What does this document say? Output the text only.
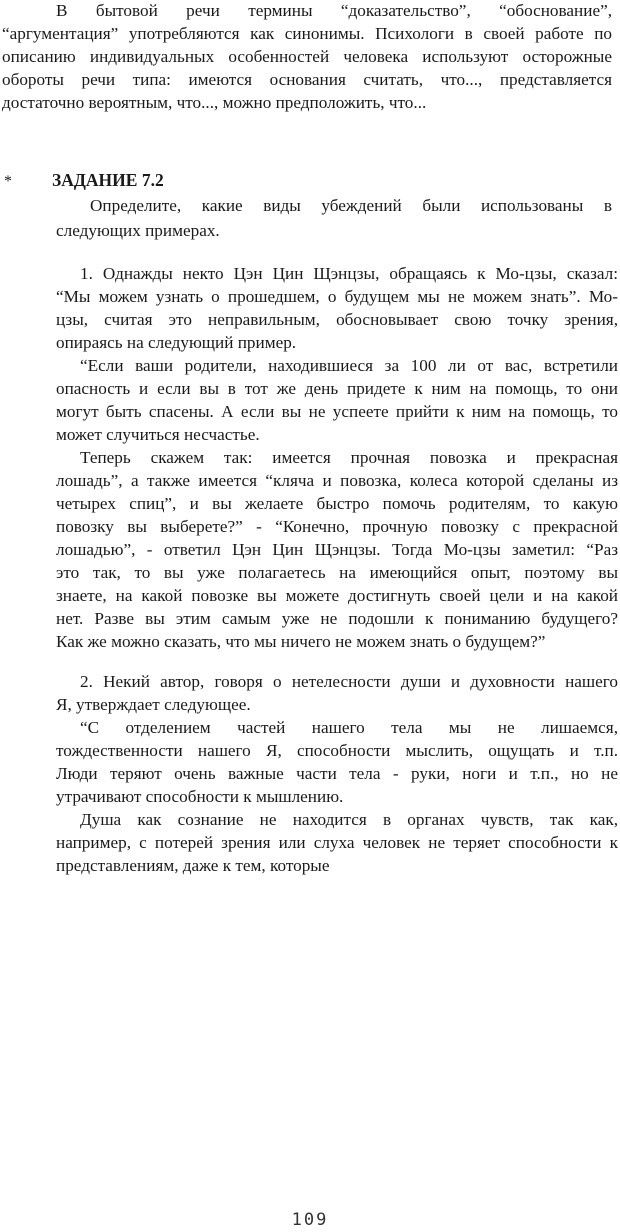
В бытовой речи термины “доказательство”, “обоснование”,
“аргументация” употребляются как синонимы. Психологи в своей работе по
описанию индивидуальных особенностей человека используют осторожные
обороты речи типа: имеются основания считать, что..., представляется
достаточно вероятным, что..., можно предположить, что...
* ЗАДАНИЕ 7.2
Определите, какие виды убеждений были использованы в
следующих примерах.
1. Однажды некто Цэн Цин Щэнцзы, обращаясь к Мо-цзы, сказал:
“Мы можем узнать о прошедшем, о будущем мы не можем знать”. Мо-
цзы, считая это неправильным, обосновывает свою точку зрения,
опираясь на следующий пример.
“Если ваши родители, находившиеся за 100 ли от вас, встретили
опасность и если вы в тот же день придете к ним на помощь, то они
могут быть спасены. А если вы не успеете прийти к ним на помощь, то
может случиться несчастье.
Теперь скажем так: имеется прочная повозка и прекрасная
лошадь”, а также имеется “кляча и повозка, колеса которой сделаны из
четырех спиц”, и вы желаете быстро помочь родителям, то какую
повозку вы выберете?” - “Конечно, прочную повозку с прекрасной
лошадью”, - ответил Цэн Цин Щэнцзы. Тогда Мо-цзы заметил: “Раз
это так, то вы уже полагаетесь на имеющийся опыт, поэтому вы
знаете, на какой повозке вы можете достигнуть своей цели и на какой
нет. Разве вы этим самым уже не подошли к пониманию будущего?
Как же можно сказать, что мы ничего не можем знать о будущем?”
2. Некий автор, говоря о нетелесности души и духовности нашего
Я, утверждает следующее.
“С отделением частей нашего тела мы не лишаемся,
тождественности нашего Я, способности мыслить, ощущать и т.п.
Люди теряют очень важные части тела - руки, ноги и т.п., но не
утрачивают способности к мышлению.
Душа как сознание не находится в органах чувств, так как,
например, с потерей зрения или слуха человек не теряет способности к
представлениям, даже к тем, которые
109
